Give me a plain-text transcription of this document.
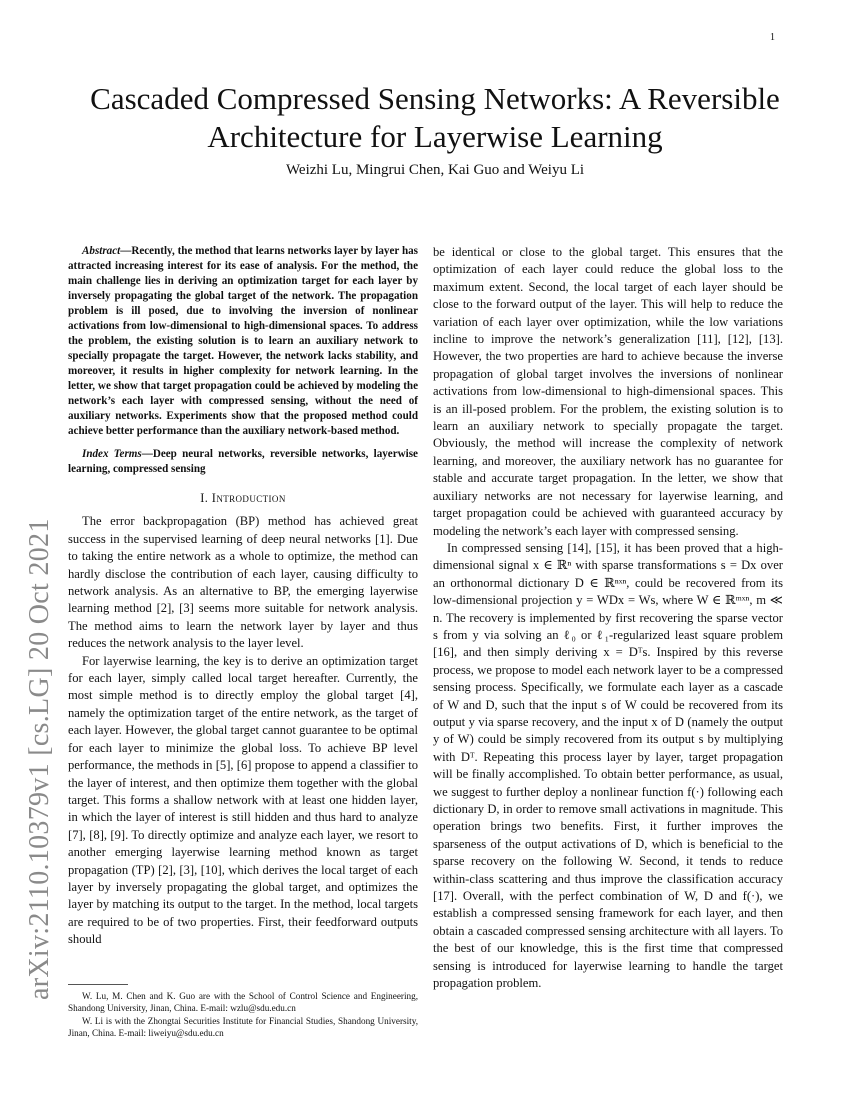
1
arXiv:2110.10379v1 [cs.LG] 20 Oct 2021
Cascaded Compressed Sensing Networks: A Reversible Architecture for Layerwise Learning

Weizhi Lu, Mingrui Chen, Kai Guo and Weiyu Li

Abstract—Recently, the method that learns networks layer by layer has attracted increasing interest for its ease of analysis. For the method, the main challenge lies in deriving an optimization target for each layer by inversely propagating the global target of the network. The propagation problem is ill posed, due to involving the inversion of nonlinear activations from low-dimensional to high-dimensional spaces. To address the problem, the existing solution is to learn an auxiliary network to specially propagate the target. However, the network lacks stability, and moreover, it results in higher complexity for network learning. In the letter, we show that target propagation could be achieved by modeling the network’s each layer with compressed sensing, without the need of auxiliary networks. Experiments show that the proposed method could achieve better performance than the auxiliary network-based method.

Index Terms—Deep neural networks, reversible networks, layerwise learning, compressed sensing

I. Introduction

The error backpropagation (BP) method has achieved great success in the supervised learning of deep neural networks [1]. Due to taking the entire network as a whole to optimize, the method can hardly disclose the contribution of each layer, causing difficulty to network analysis. As an alternative to BP, the emerging layerwise learning method [2], [3] seems more suitable for network analysis. The method aims to learn the network layer by layer and thus reduces the network analysis to the layer level.

For layerwise learning, the key is to derive an optimization target for each layer, simply called local target hereafter. Currently, the most simple method is to directly employ the global target [4], namely the optimization target of the entire network, as the target of each layer. However, the global target cannot guarantee to be optimal for each layer to minimize the global loss. To achieve BP level performance, the methods in [5], [6] propose to append a classifier to the layer of interest, and then optimize them together with the global target. This forms a shallow network with at least one hidden layer, in which the layer of interest is still hidden and thus hard to analyze [7], [8], [9]. To directly optimize and analyze each layer, we resort to another emerging layerwise learning method known as target propagation (TP) [2], [3], [10], which derives the local target of each layer by inversely propagating the global target, and optimizes the layer by matching its output to the target. In the method, local targets are required to be of two properties. First, their feedforward outputs should

W. Lu, M. Chen and K. Guo are with the School of Control Science and Engineering, Shandong University, Jinan, China. E-mail: wzlu@sdu.edu.cn

W. Li is with the Zhongtai Securities Institute for Financial Studies, Shandong University, Jinan, China. E-mail: liweiyu@sdu.edu.cn

be identical or close to the global target. This ensures that the optimization of each layer could reduce the global loss to the maximum extent. Second, the local target of each layer should be close to the forward output of the layer. This will help to reduce the variation of each layer over optimization, while the low variations incline to improve the network’s generalization [11], [12], [13]. However, the two properties are hard to achieve because the inverse propagation of global target involves the inversions of nonlinear activations from low-dimensional to high-dimensional spaces. This is an ill-posed problem. For the problem, the existing solution is to learn an auxiliary network to specially propagate the target. Obviously, the method will increase the complexity of network learning, and moreover, the auxiliary network has no guarantee for stable and accurate target propagation. In the letter, we show that auxiliary networks are not necessary for layerwise learning, and target propagation could be achieved with guaranteed accuracy by modeling the network’s each layer with compressed sensing.

In compressed sensing [14], [15], it has been proved that a high-dimensional signal x ∈ ℝⁿ with sparse transformations s = Dx over an orthonormal dictionary D ∈ ℝⁿˣⁿ, could be recovered from its low-dimensional projection y = WDx = Ws, where W ∈ ℝᵐˣⁿ, m ≪ n. The recovery is implemented by first recovering the sparse vector s from y via solving an ℓ₀ or ℓ₁-regularized least square problem [16], and then simply deriving x = Dᵀs. Inspired by this reverse process, we propose to model each network layer to be a compressed sensing process. Specifically, we formulate each layer as a cascade of W and D, such that the input s of W could be recovered from its output y via sparse recovery, and the input x of D (namely the output y of W) could be simply recovered from its output s by multiplying with Dᵀ. Repeating this process layer by layer, target propagation will be finally accomplished. To obtain better performance, as usual, we suggest to further deploy a nonlinear function f(·) following each dictionary D, in order to remove small activations in magnitude. This operation brings two benefits. First, it further improves the sparseness of the output activations of D, which is beneficial to the sparse recovery on the following W. Second, it tends to reduce within-class scattering and thus improve the classification accuracy [17]. Overall, with the perfect combination of W, D and f(·), we establish a compressed sensing framework for each layer, and then obtain a cascaded compressed sensing architecture with all layers. To the best of our knowledge, this is the first time that compressed sensing is introduced for layerwise learning to handle the target propagation problem.
